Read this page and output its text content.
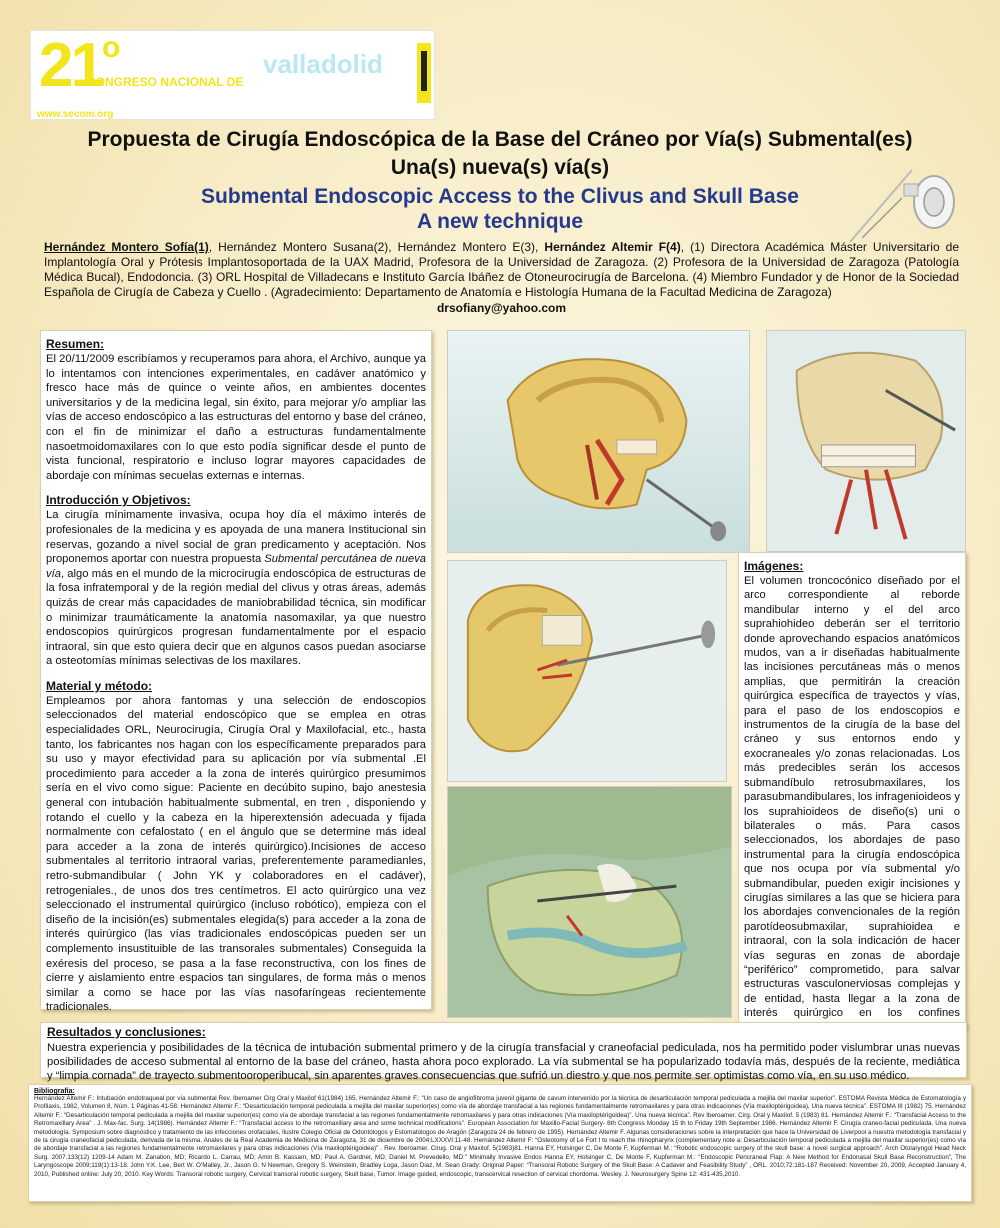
21$^o$
CONGRESO NACIONAL DE
valladolid
www.secom.org
Propuesta de Cirugía Endoscópica de la Base del Cráneo por Vía(s) Submental(es)
Una(s) nueva(s) vía(s)
Submental Endoscopic Access to the Clivus and Skull Base
A new technique
Hernández Montero Sofía(1), Hernández Montero Susana(2), Hernández Montero E(3), Hernández Altemir F(4), (1) Directora Académica Máster Universitario de Implantología Oral y Prótesis Implantosoportada de la UAX Madrid, Profesora de la Universidad de Zaragoza. (2) Profesora de la Universidad de Zaragoza (Patología Médica Bucal), Endodoncia. (3) ORL Hospital de Villadecans e Instituto García Ibáñez de Otoneurocirugía de Barcelona. (4) Miembro Fundador y de Honor de la Sociedad Española de Cirugía de Cabeza y Cuello . (Agradecimiento: Departamento de Anatomía e Histología Humana de la Facultad Medicina de Zaragoza)
drsofiany@yahoo.com
Resumen:

El 20/11/2009 escribíamos y recuperamos para ahora, el Archivo, aunque ya lo intentamos con intenciones experimentales, en cadáver anatómico y fresco hace más de quince o veinte años, en ambientes docentes universitarios y de la medicina legal, sin éxito, para mejorar y/o ampliar las vías de acceso endoscópico a las estructuras del entorno y base del cráneo, con el fin de minimizar el daño a estructuras fundamentalmente nasoetmoidomaxilares con lo que esto podía significar desde el punto de vista funcional, respiratorio e incluso lograr mayores capacidades de abordaje con mínimas secuelas externas e internas.

Introducción y Objetivos:

La cirugía mínimamente invasiva, ocupa hoy día el máximo interés de profesionales de la medicina y es apoyada de una manera Institucional sin reservas, gozando a nivel social de gran predicamento y aceptación. Nos proponemos aportar con nuestra propuesta Submental percutánea de nueva vía, algo más en el mundo de la microcirugía endoscópica de estructuras de la fosa infratemporal y de la región medial del clivus y otras áreas, además quizás de crear más capacidades de maniobrabilidad técnica, sin modificar o minimizar traumáticamente la anatomía nasomaxilar, ya que nuestro endoscopios quirúrgicos progresan fundamentalmente por el espacio intraoral, sin que esto quiera decir que en algunos casos puedan asociarse a osteotomías mínimas selectivas de los maxilares.

Material y método:

Empleamos por ahora fantomas y una selección de endoscopios seleccionados del material endoscópico que se emplea en otras especialidades ORL, Neurocirugía, Cirugía Oral y Maxilofacial, etc., hasta tanto, los fabricantes nos hagan con los específicamente preparados para su uso y mayor efectividad para su aplicación por vía submental .El procedimiento para acceder a la zona de interés quirúrgico presumimos sería en el vivo como sigue: Paciente en decúbito supino, bajo anestesia general con intubación habitualmente submental, en tren , disponiendo y rotando el cuello y la cabeza en la hiperextensión adecuada y fijada normalmente con cefalostato ( en el ángulo que se determine más ideal para acceder a la zona de interés quirúrgico).Incisiones de acceso submentales al territorio intraoral varias, preferentemente paramedianles, retro-submandibular ( John YK y colaboradores en el cadáver), retrogeniales., de unos dos tres centímetros. El acto quirúrgico una vez seleccionado el instrumental quirúrgico (incluso robótico), empieza con el diseño de la incisión(es) submentales elegida(s) para acceder a la zona de interés quirúrgico (las vías tradicionales endoscópicas pueden ser un complemento insustituible de las transorales submentales) Conseguida la exéresis del proceso, se pasa a la fase reconstructiva, con los fines de cierre y aislamiento entre espacios tan singulares, de forma más o menos similar a como se hace por las vías nasofaríngeas recientemente tradicionales.

Imágenes:

El volumen troncocónico diseñado por el arco correspondiente al reborde mandibular interno y el del arco suprahiohideo deberán ser el territorio donde aprovechando espacios anatómicos mudos, van a ir diseñadas habitualmente las incisiones percutáneas más o menos amplias, que permitirán la creación quirúrgica específica de trayectos y vías, para el paso de los endoscopios e instrumentos de la cirugía de la base del cráneo y sus entornos endo y exocraneales y/o zonas relacionadas. Los más predecibles serán los accesos submandíbulo retrosubmaxilares, los parasubmandibulares, los infragenioideos y los suprahioideos de diseño(s) uni o bilaterales o más. Para casos seleccionados, los abordajes de paso instrumental para la cirugía endoscópica que nos ocupa por vía submental y/o submandibular, pueden exigir incisiones y cirugías similares a las que se hiciera para los abordajes convencionales de la región parotídeosubmaxilar, suprahioidea e intraoral, con la sola indicación de hacer vías seguras en zonas de abordaje “periférico” comprometido, para salvar estructuras vasculonerviosas complejas y de entidad, hasta llegar a la zona de interés quirúrgico en los confines

Resultados y conclusiones:

Nuestra experiencia y posibilidades de la técnica de intubación submental primero y de la cirugía transfacial y craneofacial pediculada, nos ha permitido poder vislumbrar unas nuevas posibilidades de acceso submental al entorno de la base del cráneo, hasta ahora poco explorado. La vía submental se ha popularizado todavía más, después de la reciente, mediática y “limpia cornada” de trayecto submentooroperibucal, sin aparentes graves consecuencias que sufrió un diestro y que nos permite ser optimistas como vía, en su uso médico.

Bibliografía:

Hernández Altemir F.: Intubación endotraqueal por vía submental Rev. Iberoamer Cirg Oral y Maxilof 61(1984) 165. Hernández Altemir F.: “Un caso de angiofibroma juvenil gigante de cavum intervenido por la técnica de desarticulación temporal pediculada a mejilla del maxilar superior”. ESTOMA Revista Médica de Estomatología y Profilaxis, 1982, Volumen 8, Núm. 1 Páginas 41-58. Hernández Altemir F.: “Desarticulación temporal pediculada a mejilla del maxilar superior(es) como vía de abordaje transfacial a las regiones fundamentalmente retromaxilares y para otras indicaciones (Vía maxiloptérigoidea), Una nueva técnica”. ESTOMA III (1982) 75. Hernández Altemir F.: “Desarticulación temporal pediculada a mejilla del maxilar superior(es) como vía de abordaje transfacial a las regiones fundamentalmente retromaxilares y para otras indicaciones (Vía maxiloptérigoidea)”. Una nueva técnica”. Rev Iberoamer. Cirg. Oral y Maxilof. 5 (1983) 81. Hernández Altemir F.: “Transfacial Access to the Retromaxillary Area” . J. Max-fac. Surg. 14(1986). Hernández Altemir F.: “Transfacial access to the retromaxillary area and some technical modifications”. European Association for Maxillo-Facial Surgery- 8th Congress Monday 15 th to Friday 19th September 1986. Hernández Altemir F. Cirugía craneo-facial pediculada. Una nueva metodología. Symposium sobre diagnóstico y tratamiento de las infecciones orofaciales, Ilustre Colegio Oficial de Odontólogos y Estomatólogos de Aragón (Zaragoza 24 de febrero de 1995). Hernández Altemir F. Algunas consideraciones sobre la interpretación que hace la Universidad de Liverpool a nuestra metodología transfacial y de la cirugía craneofacial pediculada, derivada de la misma. Anales de la Real Academia de Medicina de Zaragoza, 31 de diciembre de 2004;LXXXVI:11-48. Hernández Altemir F: “Osteotomy of Le Fort I to reach the rhinopharynx (complementary note a: Desarticulación temporal pediculada a mejilla del maxilar superior(es) como vía de abordaje transfacial a las regiones fundamentalmente retromaxilares y para otras indicaciones (Vía maxiloptérigoidea)” . Rev. Iberoamer. Cirug. Oral y Maxilof. 5(1983)81. Hanna EY, Holsinger C, De Monte F, Kupferman M.: “Robotic endoscopic surgery of the skull base: a novel surgical approach”. Arch Otolaryngol Head Neck Surg. 2007.133(12) 1209-14 Adam M. Zanation, MD; Ricardo L. Carrau, MD; Amin B. Kassam, MD; Paul A. Gardner, MD; Daniel M. Prevedello, MD:” Minimally Invasive Endos Hanna EY, Holsinger C, De Monte F, Kupferman M.: “Endoscopic Pericraneal Flap: A New Method for Endonasal Skull Base Reconstruction”, The Laryngoscope 2009;119(1):13-18. John Y.K. Lee, Bert W. O’Malley, Jr., Jason G. N Newman, Gregory S. Weinstein, Bradley Loga, Jason Diaz, M. Sean Grady: Original Paper: “Transoral Robotic Surgery of the Skull Base: A Cadaver and Feasibility Study” , ORL. 2010;72:181-187 Received: November 20, 2009, Accepted January 4, 2010, Published online: July 20, 2010. Key Words: Transoral robotic surgery, Cervical transoral robotic surgery, Skull base, Tumor. Image guided, endoscopic, transcervical resection of cervical chordoma. Wesley. J. Neurosurgery Spine 12: 431-435,2010.
